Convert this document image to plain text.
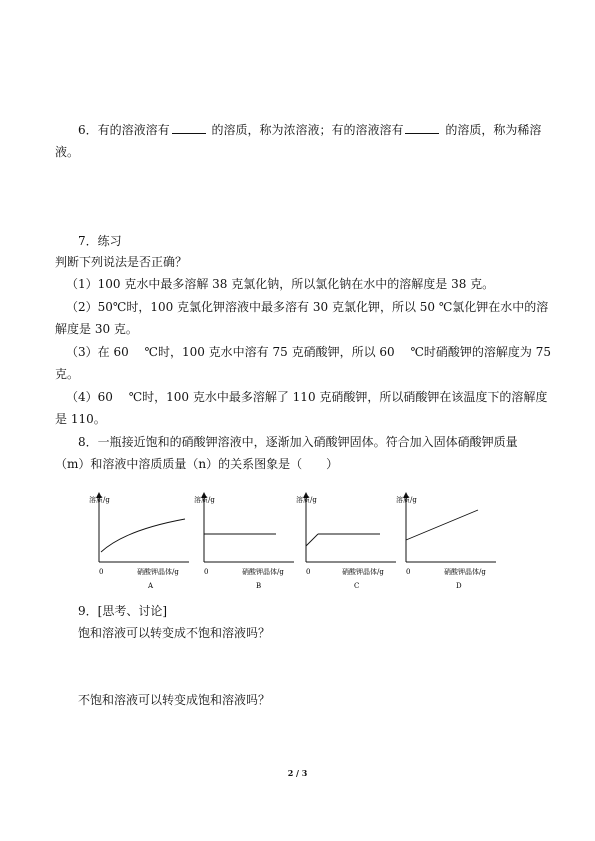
6．有的溶液溶有	的溶质，称为浓溶液；有的溶液溶有	的溶质，称为稀溶
液。
7．练习
判断下列说法是否正确？
（1）100 克水中最多溶解 38 克氯化钠，所以氯化钠在水中的溶解度是 38 克。
（2）50℃时，100 克氯化钾溶液中最多溶有 30 克氯化钾，所以 50 ℃氯化钾在水中的溶
解度是 30 克。
（3）在 60　 ℃时，100 克水中溶有 75 克硝酸钾，所以 60　 ℃时硝酸钾的溶解度为 75
克。
（4）60　 ℃时，100 克水中最多溶解了 110 克硝酸钾，所以硝酸钾在该温度下的溶解度
是 110。
8．一瓶接近饱和的硝酸钾溶液中，逐渐加入硝酸钾固体。符合加入固体硝酸钾质量
（m）和溶液中溶质质量（n）的关系图象是（　　）
溶质/g
0	硝酸钾晶体/g
A
溶质/g
0	硝酸钾晶体/g
B
溶质/g
0	硝酸钾晶体/g
C
溶质/g
0	硝酸钾晶体/g
D
9．[思考、讨论]
饱和溶液可以转变成不饱和溶液吗？
不饱和溶液可以转变成饱和溶液吗？
2 / 3
